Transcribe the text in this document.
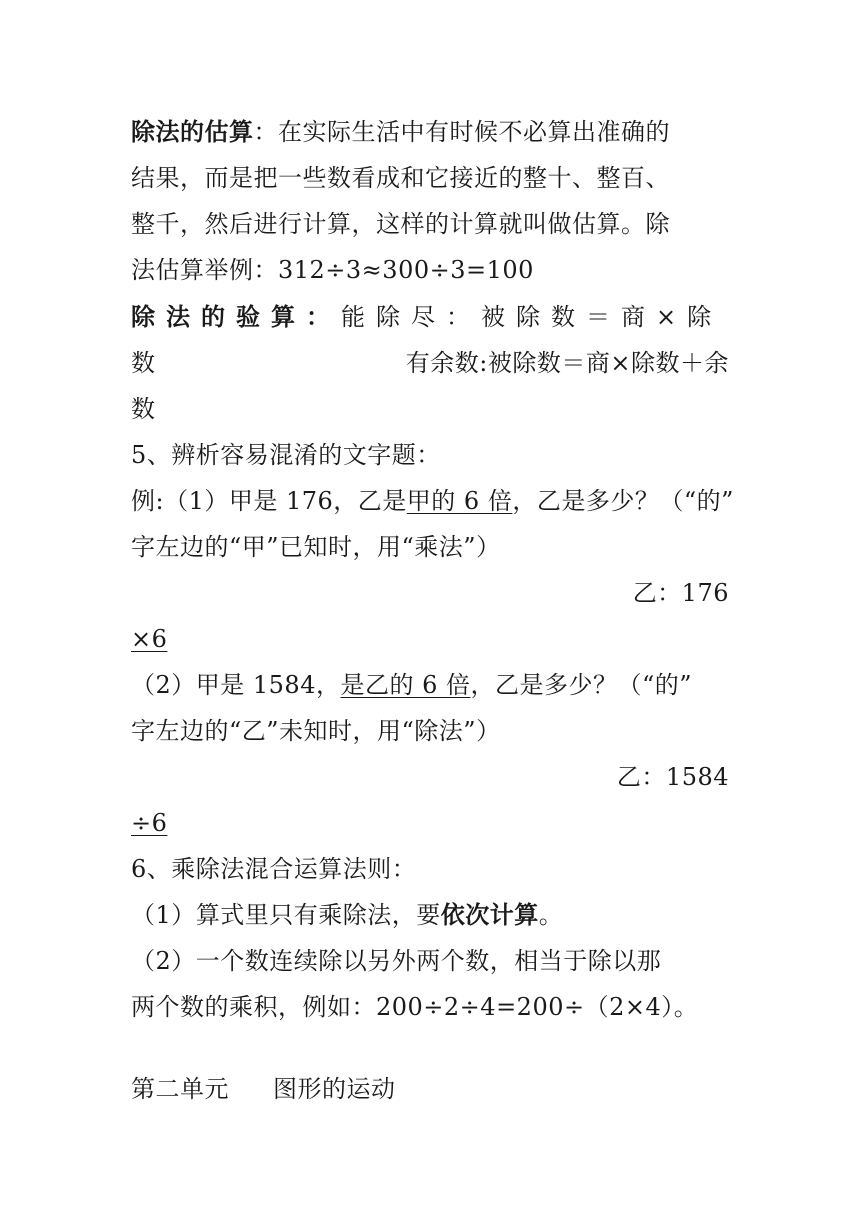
除法的估算：在实际生活中有时候不必算出准确的
结果，而是把一些数看成和它接近的整十、整百、
整千，然后进行计算，这样的计算就叫做估算。除
法估算举例：312÷3≈300÷3=100
除法的验算：能除尽：被除数＝商×除
数	有余数:被除数＝商×除数＋余
数
5、辨析容易混淆的文字题：
例:（1）甲是 176，乙是甲的 6 倍，乙是多少？（“的”
字左边的“甲”已知时，用“乘法”）
乙：176
×6
（2）甲是 1584，是乙的 6 倍，乙是多少？（“的”
字左边的“乙”未知时，用“除法”）
乙：1584
÷6
6、乘除法混合运算法则：
（1）算式里只有乘除法，要依次计算。
（2）一个数连续除以另外两个数，相当于除以那
两个数的乘积，例如：200÷2÷4=200÷（2×4）。
第二单元 图形的运动
